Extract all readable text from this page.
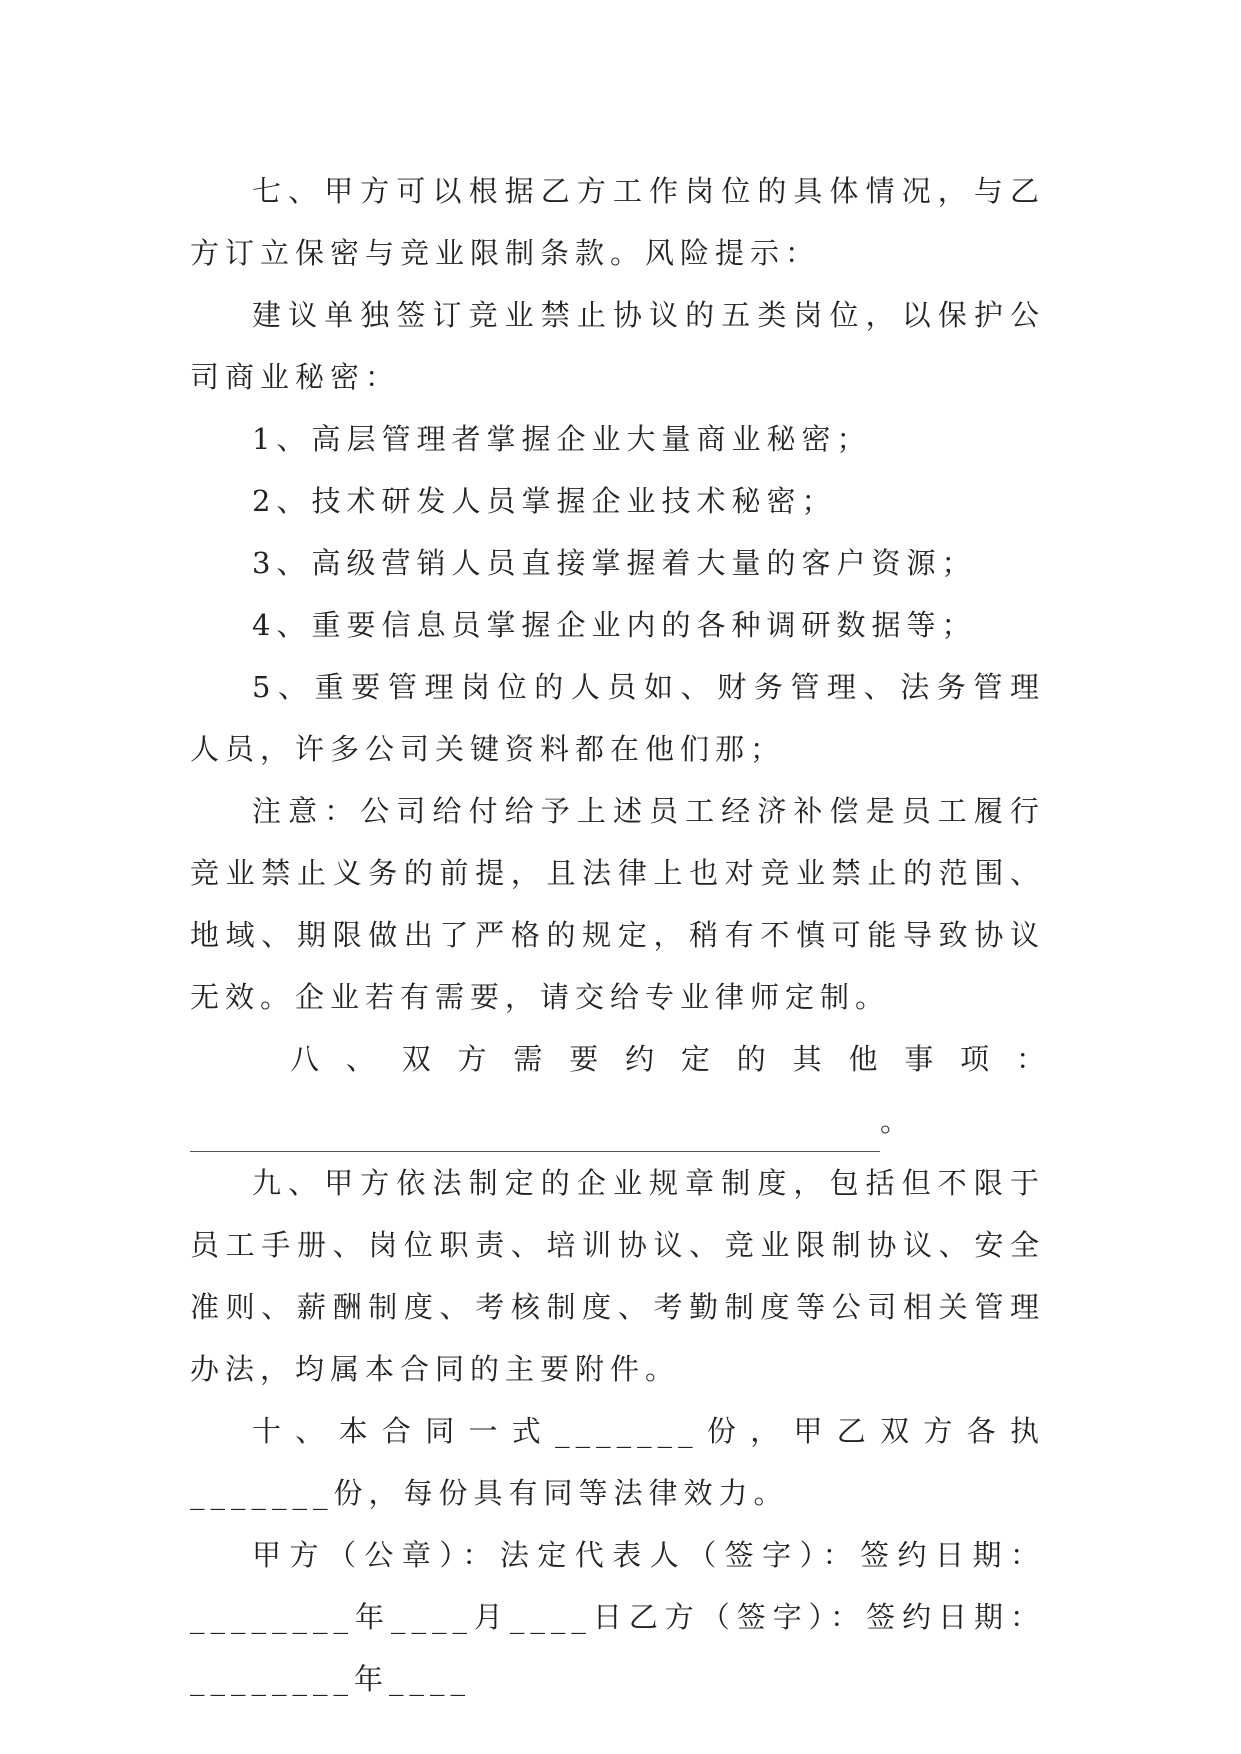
七、甲方可以根据乙方工作岗位的具体情况，与乙方订立保密与竞业限制条款。风险提示：

建议单独签订竞业禁止协议的五类岗位，以保护公司商业秘密：

1、高层管理者掌握企业大量商业秘密；

2、技术研发人员掌握企业技术秘密；

3、高级营销人员直接掌握着大量的客户资源；

4、重要信息员掌握企业内的各种调研数据等；

5、重要管理岗位的人员如、财务管理、法务管理人员，许多公司关键资料都在他们那；

注意：公司给付给予上述员工经济补偿是员工履行竞业禁止义务的前提，且法律上也对竞业禁止的范围、地域、期限做出了严格的规定，稍有不慎可能导致协议无效。企业若有需要，请交给专业律师定制。

八、双方需要约定的其他事项：

。

九、甲方依法制定的企业规章制度，包括但不限于员工手册、岗位职责、培训协议、竞业限制协议、安全准则、薪酬制度、考核制度、考勤制度等公司相关管理办法，均属本合同的主要附件。

十、本合同一式_______份，甲乙双方各执_______份，每份具有同等法律效力。

甲方（公章）：法定代表人（签字）：签约日期：________年____月____日乙方（签字）：签约日期：________年____
